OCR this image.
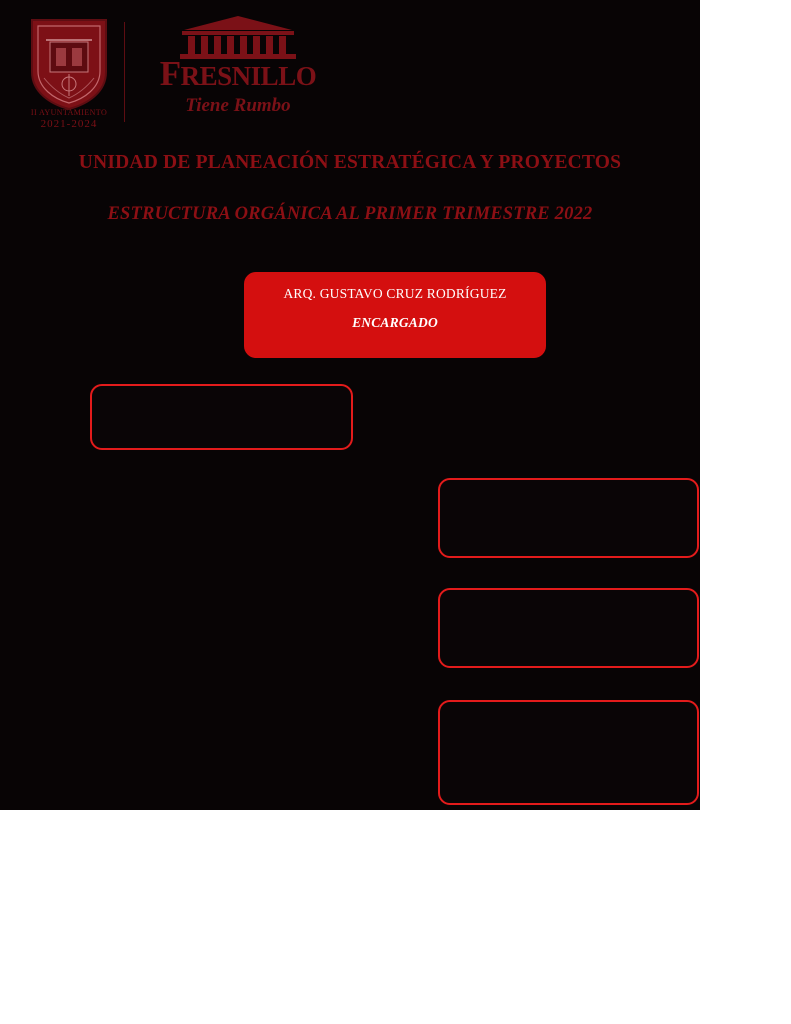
II AYUNTAMIENTO
2021-2024
FRESNILLO
Tiene Rumbo
UNIDAD DE PLANEACIÓN ESTRATÉGICA Y PROYECTOS
ESTRUCTURA ORGÁNICA AL PRIMER TRIMESTRE 2022
ARQ. GUSTAVO CRUZ RODRÍGUEZ
ENCARGADO
